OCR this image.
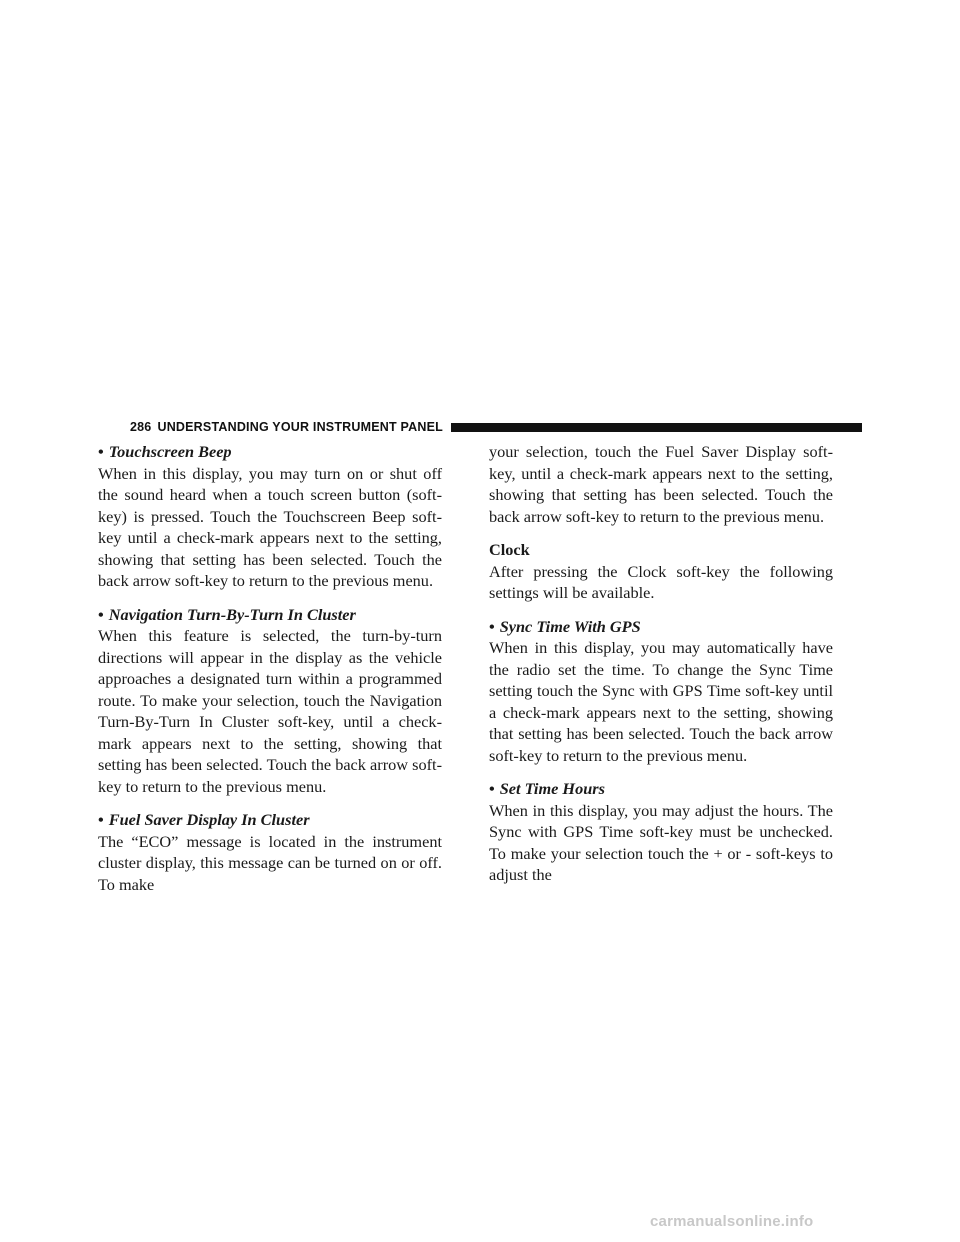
286 UNDERSTANDING YOUR INSTRUMENT PANEL

• Touchscreen Beep

When in this display, you may turn on or shut off the sound heard when a touch screen button (soft-key) is pressed. Touch the Touchscreen Beep soft-key until a check-mark appears next to the setting, showing that setting has been selected. Touch the back arrow soft-key to return to the previous menu.

• Navigation Turn-By-Turn In Cluster

When this feature is selected, the turn-by-turn directions will appear in the display as the vehicle approaches a designated turn within a programmed route. To make your selection, touch the Navigation Turn-By-Turn In Cluster soft-key, until a check-mark appears next to the setting, showing that setting has been selected. Touch the back arrow soft-key to return to the previous menu.

• Fuel Saver Display In Cluster

The “ECO” message is located in the instrument cluster display, this message can be turned on or off. To make

your selection, touch the Fuel Saver Display soft-key, until a check-mark appears next to the setting, showing that setting has been selected. Touch the back arrow soft-key to return to the previous menu.

Clock

After pressing the Clock soft-key the following settings will be available.

• Sync Time With GPS

When in this display, you may automatically have the radio set the time. To change the Sync Time setting touch the Sync with GPS Time soft-key until a check-mark appears next to the setting, showing that setting has been selected. Touch the back arrow soft-key to return to the previous menu.

• Set Time Hours

When in this display, you may adjust the hours. The Sync with GPS Time soft-key must be unchecked. To make your selection touch the + or - soft-keys to adjust the

carmanualsonline.info
